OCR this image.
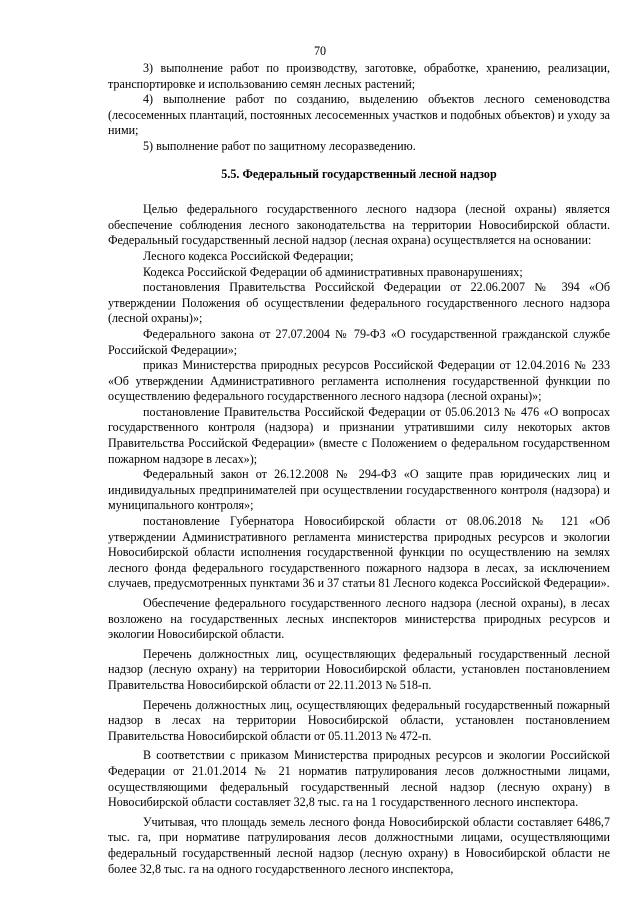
70

3) выполнение работ по производству, заготовке, обработке, хранению, реализации, транспортировке и использованию семян лесных растений;

4) выполнение работ по созданию, выделению объектов лесного семеноводства (лесосеменных плантаций, постоянных лесосеменных участков и подобных объектов) и уходу за ними;

5) выполнение работ по защитному лесоразведению.

5.5. Федеральный государственный лесной надзор

Целью федерального государственного лесного надзора (лесной охраны) является обеспечение соблюдения лесного законодательства на территории Новосибирской области. Федеральный государственный лесной надзор (лесная охрана) осуществляется на основании:

Лесного кодекса Российской Федерации;

Кодекса Российской Федерации об административных правонарушениях;

постановления Правительства Российской Федерации от 22.06.2007 № 394 «Об утверждении Положения об осуществлении федерального государственного лесного надзора (лесной охраны)»;

Федерального закона от 27.07.2004 № 79-ФЗ «О государственной гражданской службе Российской Федерации»;

приказ Министерства природных ресурсов Российской Федерации от 12.04.2016 № 233 «Об утверждении Административного регламента исполнения государственной функции по осуществлению федерального государственного лесного надзора (лесной охраны)»;

постановление Правительства Российской Федерации от 05.06.2013 № 476 «О вопросах государственного контроля (надзора) и признании утратившими силу некоторых актов Правительства Российской Федерации» (вместе с Положением о федеральном государственном пожарном надзоре в лесах»);

Федеральный закон от 26.12.2008 № 294-ФЗ «О защите прав юридических лиц и индивидуальных предпринимателей при осуществлении государственного контроля (надзора) и муниципального контроля»;

постановление Губернатора Новосибирской области от 08.06.2018 № 121 «Об утверждении Административного регламента министерства природных ресурсов и экологии Новосибирской области исполнения государственной функции по осуществлению на землях лесного фонда федерального государственного пожарного надзора в лесах, за исключением случаев, предусмотренных пунктами 36 и 37 статьи 81 Лесного кодекса Российской Федерации».

Обеспечение федерального государственного лесного надзора (лесной охраны), в лесах возложено на государственных лесных инспекторов министерства природных ресурсов и экологии Новосибирской области.

Перечень должностных лиц, осуществляющих федеральный государственный лесной надзор (лесную охрану) на территории Новосибирской области, установлен постановлением Правительства Новосибирской области от 22.11.2013 № 518-п.

Перечень должностных лиц, осуществляющих федеральный государственный пожарный надзор в лесах на территории Новосибирской области, установлен постановлением Правительства Новосибирской области от 05.11.2013 № 472-п.

В соответствии с приказом Министерства природных ресурсов и экологии Российской Федерации от 21.01.2014 № 21 норматив патрулирования лесов должностными лицами, осуществляющими федеральный государственный лесной надзор (лесную охрану) в Новосибирской области составляет 32,8 тыс. га на 1 государственного лесного инспектора.

Учитывая, что площадь земель лесного фонда Новосибирской области составляет 6486,7 тыс. га, при нормативе патрулирования лесов должностными лицами, осуществляющими федеральный государственный лесной надзор (лесную охрану) в Новосибирской области не более 32,8 тыс. га на одного государственного лесного инспектора,
